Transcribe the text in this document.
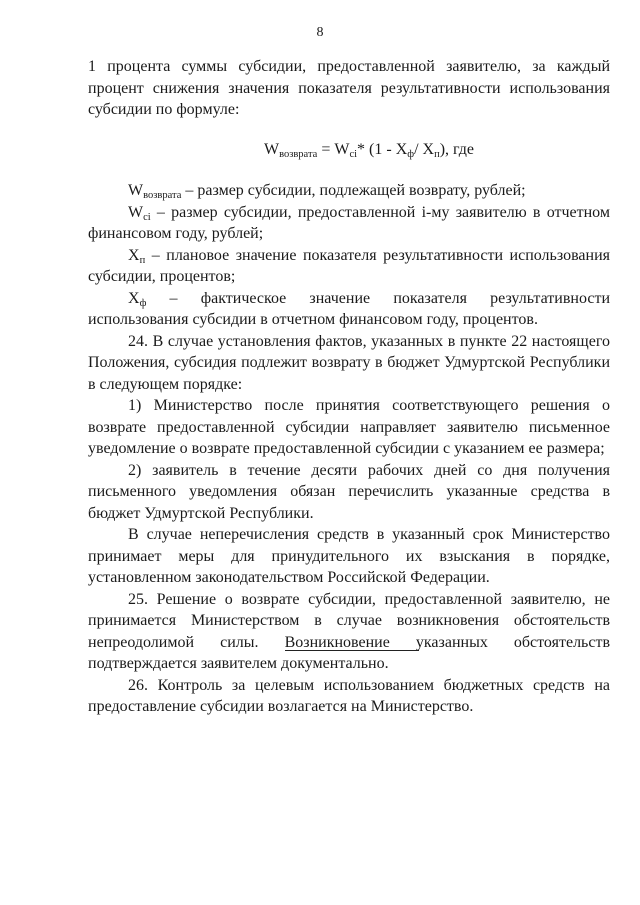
8

1 процента суммы субсидии, предоставленной заявителю, за каждый процент снижения значения показателя результативности использования субсидии по формуле:

$W_{возврата} = W_{ci}*$ ($1 - X_ф/$ $X_п$), где

$W_{возврата}$ – размер субсидии, подлежащей возврату, рублей;

$W_{ci}$ – размер субсидии, предоставленной i-му заявителю в отчетном финансовом году, рублей;

$X_п$ – плановое значение показателя результативности использования субсидии, процентов;

$X_ф$ – фактическое значение показателя результативности использования субсидии в отчетном финансовом году, процентов.

24. В случае установления фактов, указанных в пункте 22 настоящего Положения, субсидия подлежит возврату в бюджет Удмуртской Республики в следующем порядке:

1) Министерство после принятия соответствующего решения о возврате предоставленной субсидии направляет заявителю письменное уведомление о возврате предоставленной субсидии с указанием ее размера;

2) заявитель в течение десяти рабочих дней со дня получения письменного уведомления обязан перечислить указанные средства в бюджет Удмуртской Республики.

В случае неперечисления средств в указанный срок Министерство принимает меры для принудительного их взыскания в порядке, установленном законодательством Российской Федерации.

25. Решение о возврате субсидии, предоставленной заявителю, не принимается Министерством в случае возникновения обстоятельств непреодолимой силы. Возникновение указанных обстоятельств подтверждается заявителем документально.

26. Контроль за целевым использованием бюджетных средств на предоставление субсидии возлагается на Министерство.
